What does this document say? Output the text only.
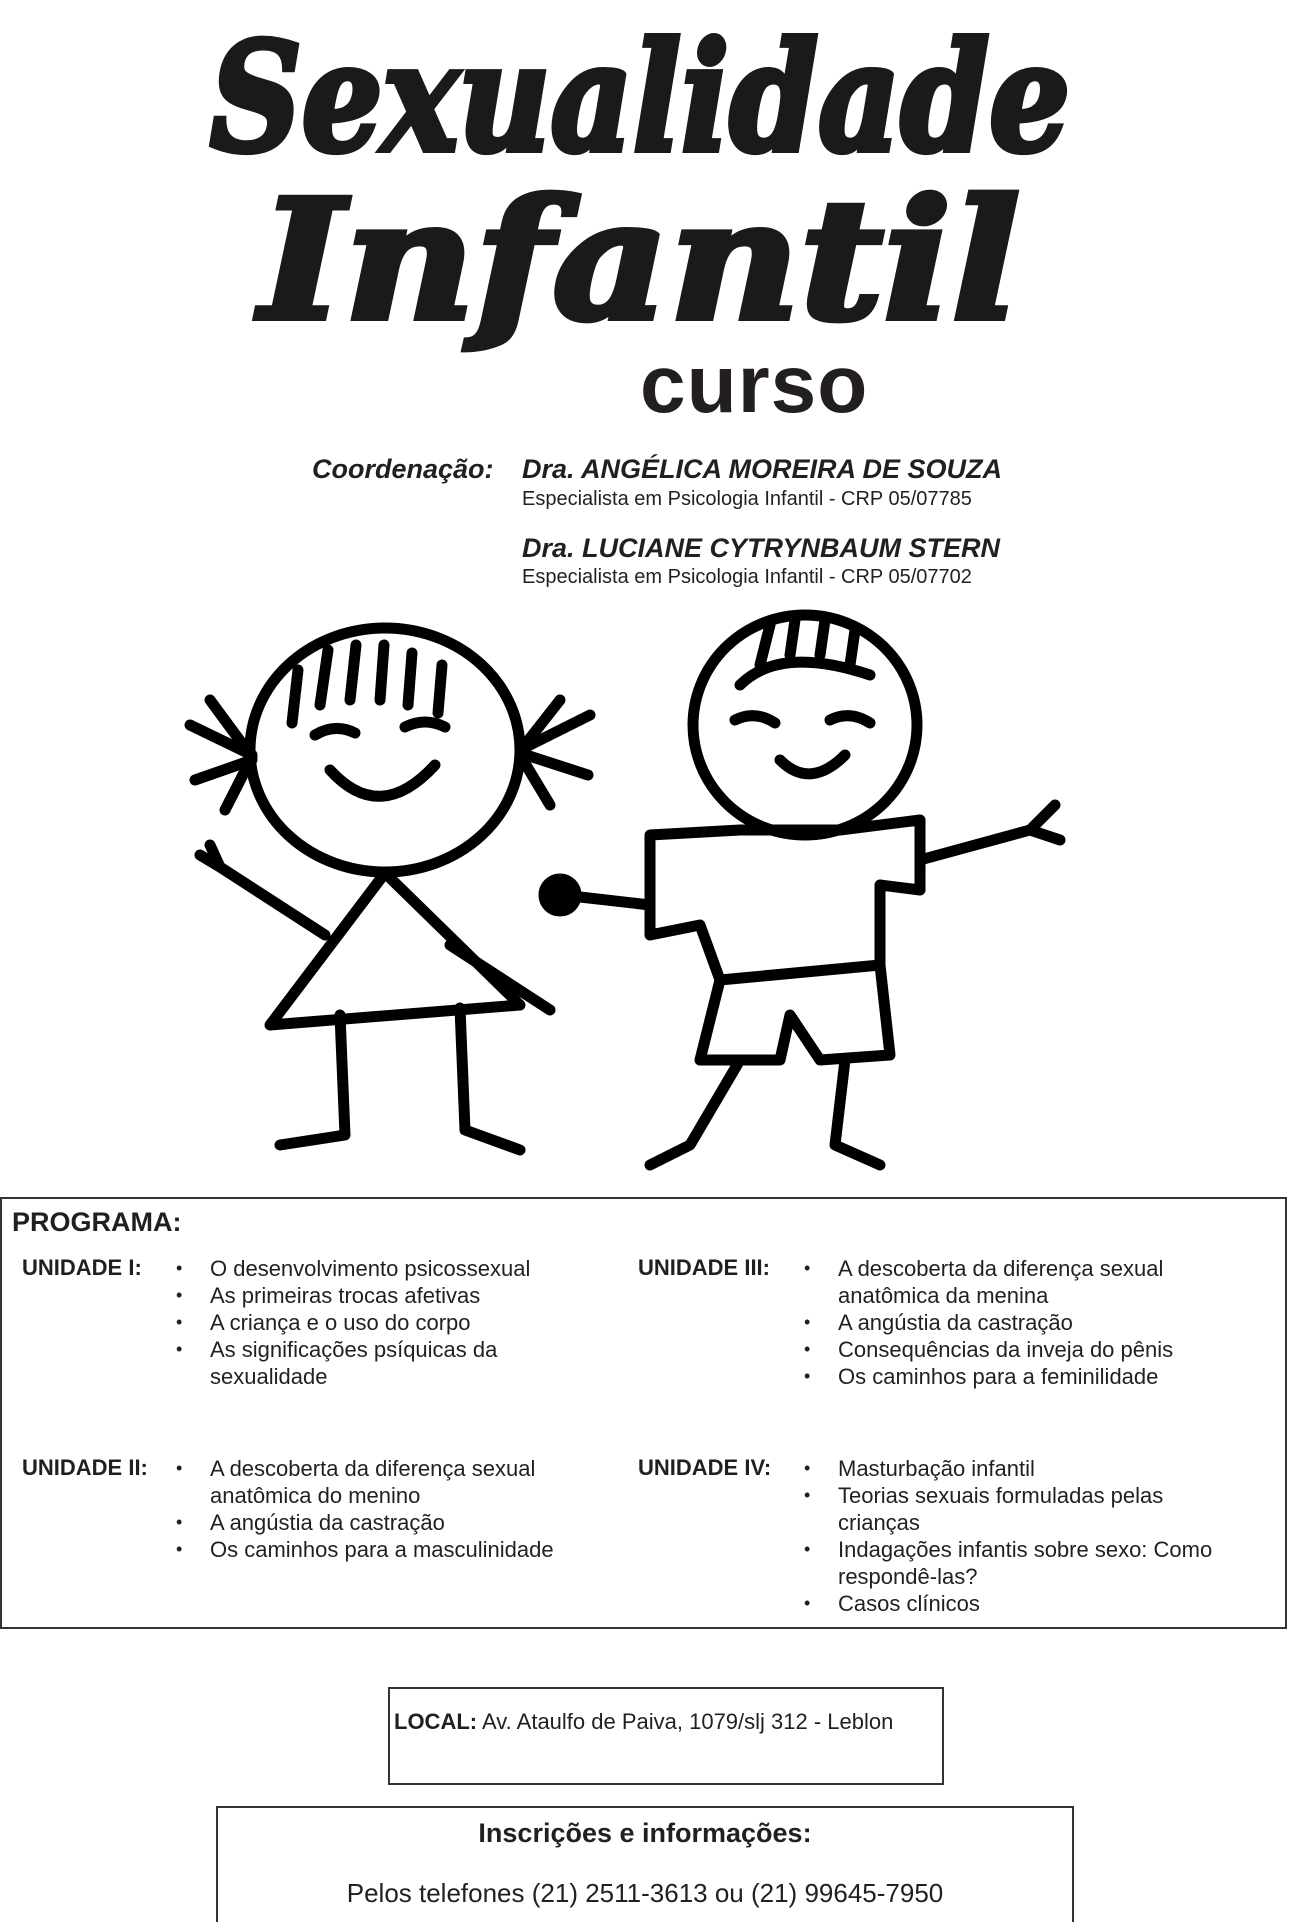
Sexualidade
Infantil
curso
Coordenação: Dra. ANGÉLICA MOREIRA DE SOUZA
Especialista em Psicologia Infantil - CRP 05/07785
Dra. LUCIANE CYTRYNBAUM STERN
Especialista em Psicologia Infantil - CRP 05/07702
PROGRAMA:
UNIDADE I:	• O desenvolvimento psicossexual
• As primeiras trocas afetivas
• A criança e o uso do corpo
• As significações psíquicas da sexualidade
UNIDADE II:	• A descoberta da diferença sexual anatômica do menino
• A angústia da castração
• Os caminhos para a masculinidade
UNIDADE III:	• A descoberta da diferença sexual anatômica da menina
• A angústia da castração
• Consequências da inveja do pênis
• Os caminhos para a feminilidade
UNIDADE IV:	• Masturbação infantil
• Teorias sexuais formuladas pelas crianças
• Indagações infantis sobre sexo: Como respondê-las?
• Casos clínicos
LOCAL: Av. Ataulfo de Paiva, 1079/slj 312 - Leblon
Inscrições e informações:
Pelos telefones (21) 2511-3613 ou (21) 99645-7950
